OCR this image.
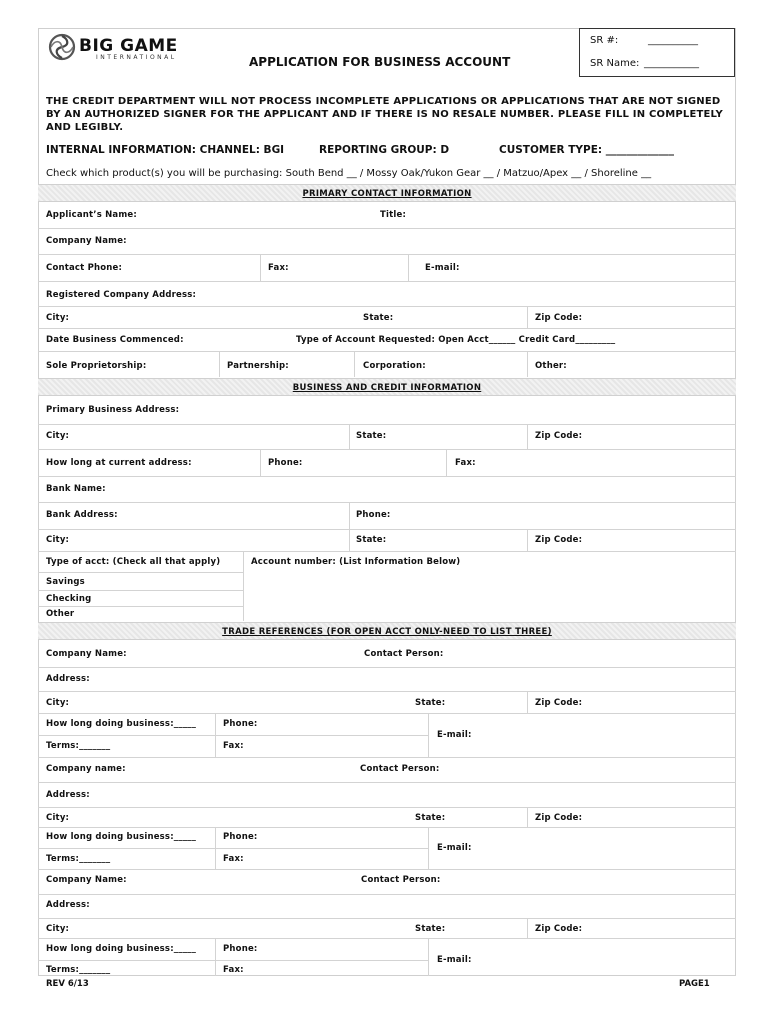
BIG GAME
INTERNATIONAL	APPLICATION FOR BUSINESS ACCOUNT
SR #:	__________
SR Name: ___________
THE CREDIT DEPARTMENT WILL NOT PROCESS INCOMPLETE APPLICATIONS OR APPLICATIONS THAT ARE NOT SIGNED BY AN AUTHORIZED SIGNER FOR THE APPLICANT AND IF THERE IS NO RESALE NUMBER. PLEASE FILL IN COMPLETELY AND LEGIBLY.
INTERNAL INFORMATION: CHANNEL: BGI	REPORTING GROUP: D	CUSTOMER TYPE: _____________
Check which product(s) you will be purchasing: South Bend __ / Mossy Oak/Yukon Gear __ / Matzuo/Apex __ / Shoreline __
PRIMARY CONTACT INFORMATION
Applicant’s Name:	Title:
Company Name:
Contact Phone:	Fax:	E-mail:
Registered Company Address:
City:	State:	Zip Code:
Date Business Commenced:	Type of Account Requested: Open Acct______ Credit Card_________
Sole Proprietorship:	Partnership:	Corporation:	Other:
BUSINESS AND CREDIT INFORMATION
Primary Business Address:
City:	State:	Zip Code:
How long at current address:	Phone:	Fax:
Bank Name:
Bank Address:	Phone:
City:	State:	Zip Code:
Type of acct: (Check all that apply)	Account number: (List Information Below)
Savings
Checking
Other
TRADE REFERENCES (FOR OPEN ACCT ONLY-NEED TO LIST THREE)
Company Name:	Contact Person:
Address:
City:	State:	Zip Code:
How long doing business:_____	Phone:
E-mail:
Terms:_______	Fax:
Company name:	Contact Person:
Address:
City:	State:	Zip Code:
How long doing business:_____	Phone:
E-mail:
Terms:_______	Fax:
Company Name:	Contact Person:
Address:
City:	State:	Zip Code:
How long doing business:_____	Phone:
E-mail:
Terms:_______	Fax:
REV 6/13	PAGE1
